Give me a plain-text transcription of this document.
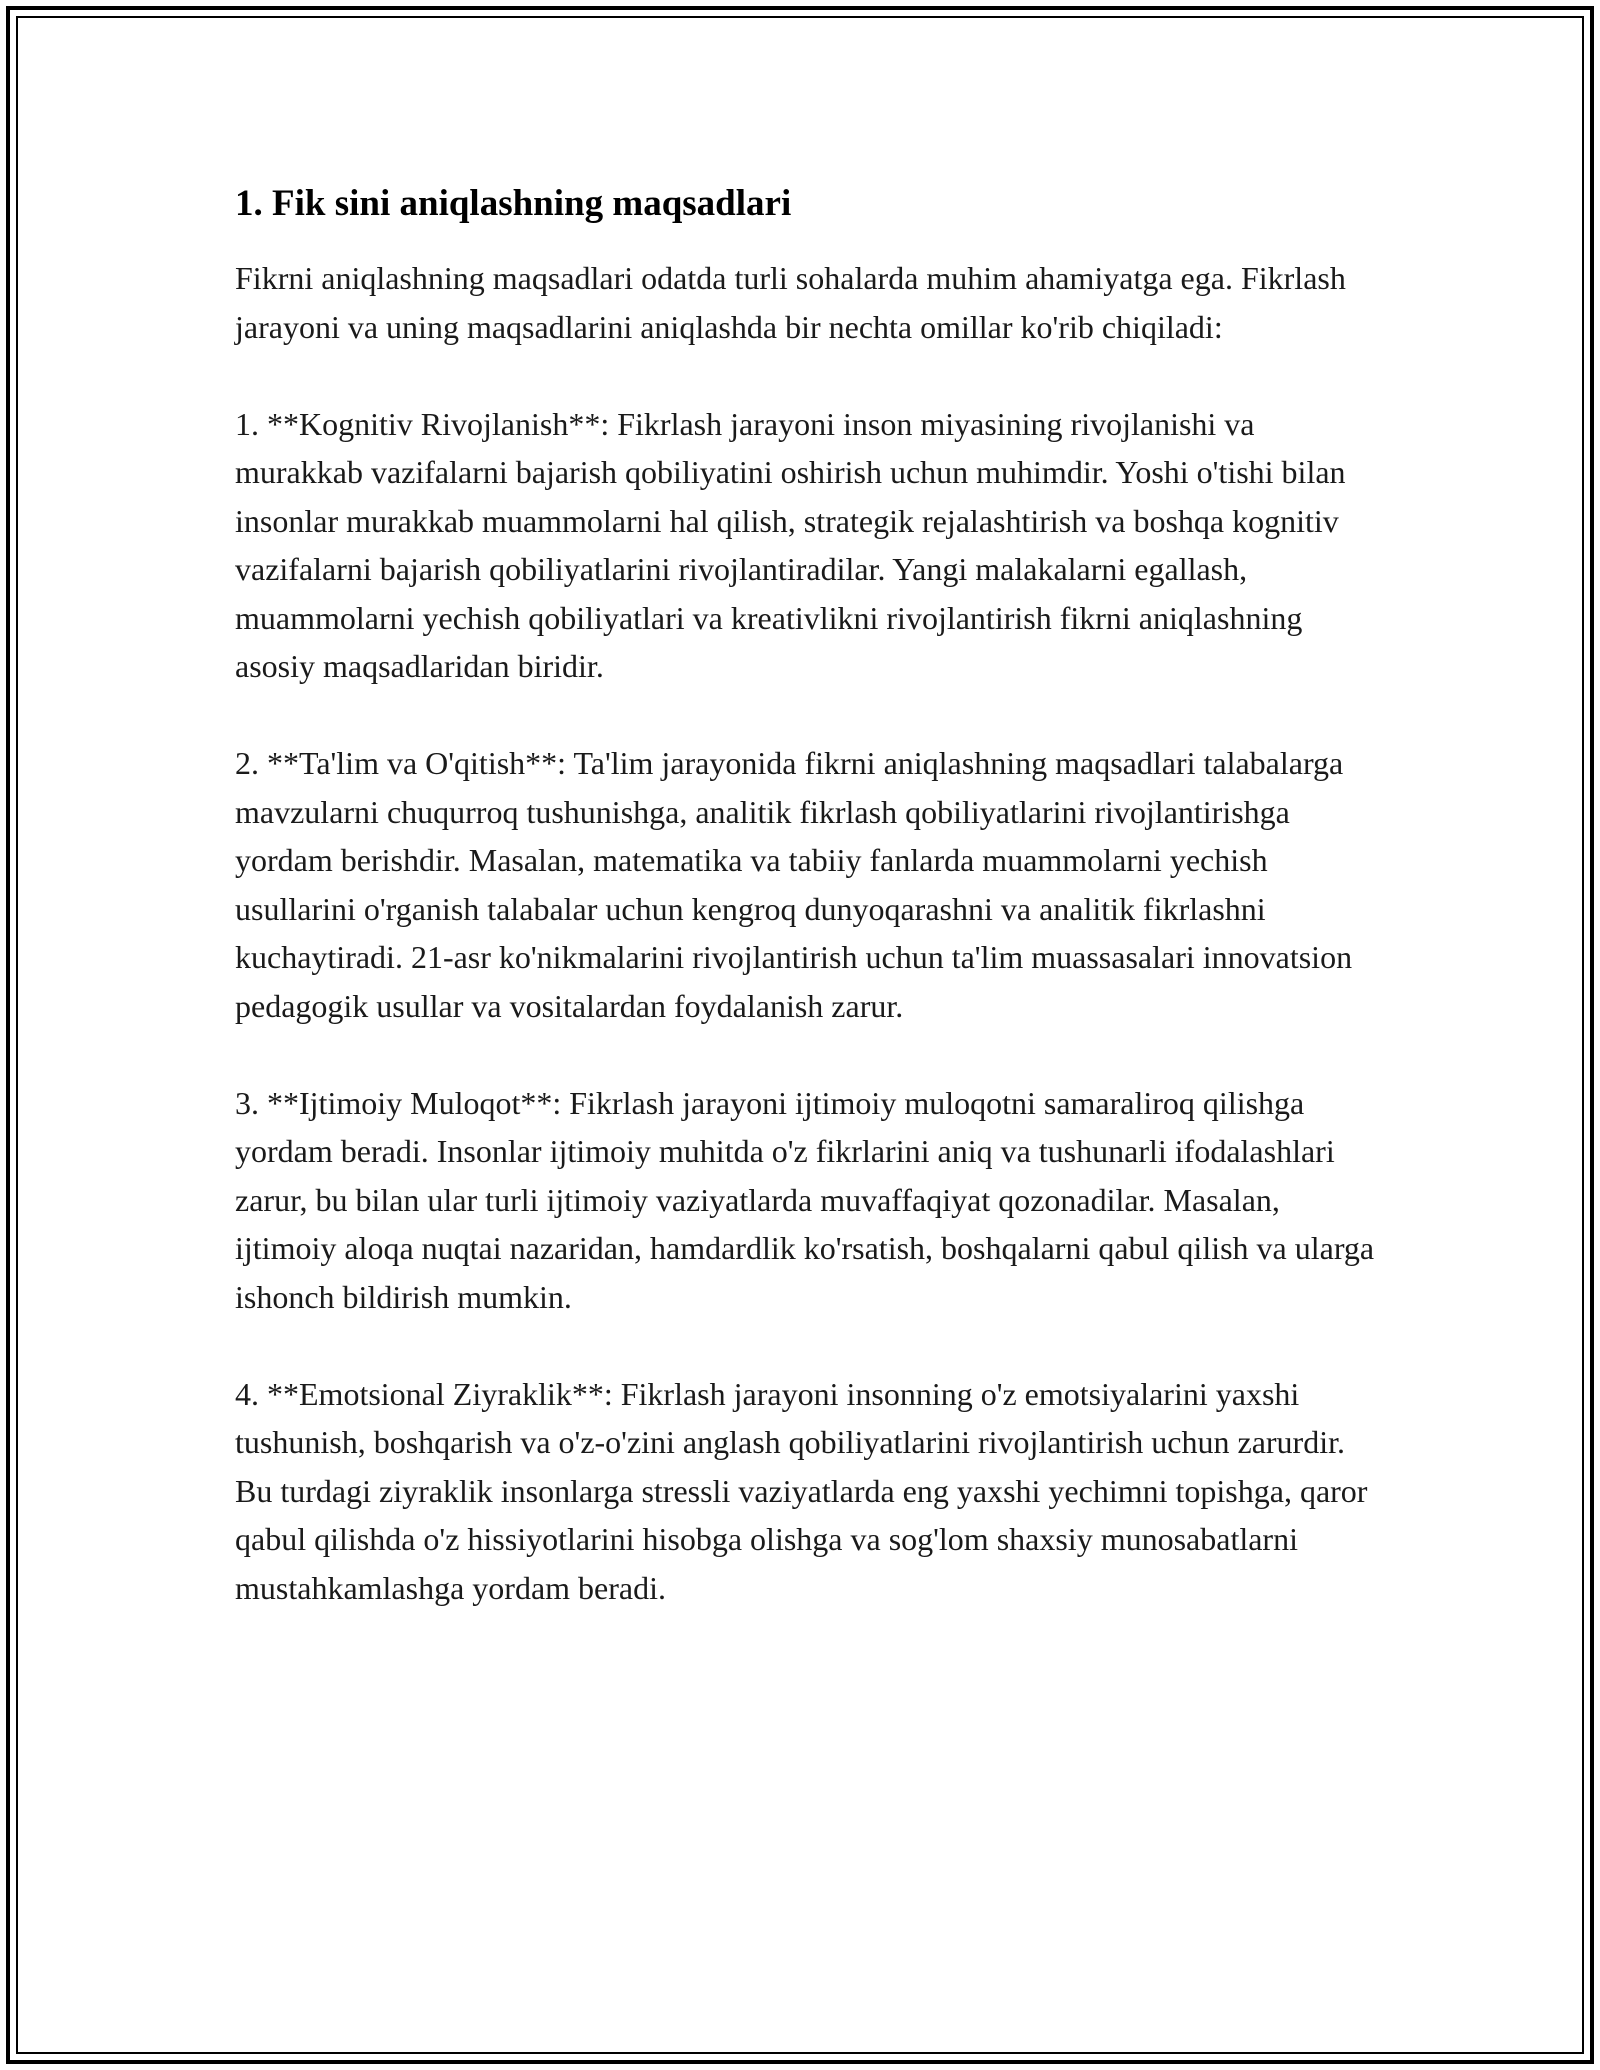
1. Fik sini aniqlashning maqsadlari

Fikrni aniqlashning maqsadlari odatda turli sohalarda muhim ahamiyatga ega. Fikrlash jarayoni va uning maqsadlarini aniqlashda bir nechta omillar ko'rib chiqiladi:

1. **Kognitiv Rivojlanish**: Fikrlash jarayoni inson miyasining rivojlanishi va murakkab vazifalarni bajarish qobiliyatini oshirish uchun muhimdir. Yoshi o'tishi bilan insonlar murakkab muammolarni hal qilish, strategik rejalashtirish va boshqa kognitiv vazifalarni bajarish qobiliyatlarini rivojlantiradilar. Yangi malakalarni egallash, muammolarni yechish qobiliyatlari va kreativlikni rivojlantirish fikrni aniqlashning asosiy maqsadlaridan biridir.

2. **Ta'lim va O'qitish**: Ta'lim jarayonida fikrni aniqlashning maqsadlari talabalarga mavzularni chuqurroq tushunishga, analitik fikrlash qobiliyatlarini rivojlantirishga yordam berishdir. Masalan, matematika va tabiiy fanlarda muammolarni yechish usullarini o'rganish talabalar uchun kengroq dunyoqarashni va analitik fikrlashni kuchaytiradi. 21-asr ko'nikmalarini rivojlantirish uchun ta'lim muassasalari innovatsion pedagogik usullar va vositalardan foydalanish zarur.

3. **Ijtimoiy Muloqot**: Fikrlash jarayoni ijtimoiy muloqotni samaraliroq qilishga yordam beradi. Insonlar ijtimoiy muhitda o'z fikrlarini aniq va tushunarli ifodalashlari zarur, bu bilan ular turli ijtimoiy vaziyatlarda muvaffaqiyat qozonadilar. Masalan, ijtimoiy aloqa nuqtai nazaridan, hamdardlik ko'rsatish, boshqalarni qabul qilish va ularga ishonch bildirish mumkin.

4. **Emotsional Ziyraklik**: Fikrlash jarayoni insonning o'z emotsiyalarini yaxshi tushunish, boshqarish va o'z-o'zini anglash qobiliyatlarini rivojlantirish uchun zarurdir. Bu turdagi ziyraklik insonlarga stressli vaziyatlarda eng yaxshi yechimni topishga, qaror qabul qilishda o'z hissiyotlarini hisobga olishga va sog'lom shaxsiy munosabatlarni mustahkamlashga yordam beradi.
